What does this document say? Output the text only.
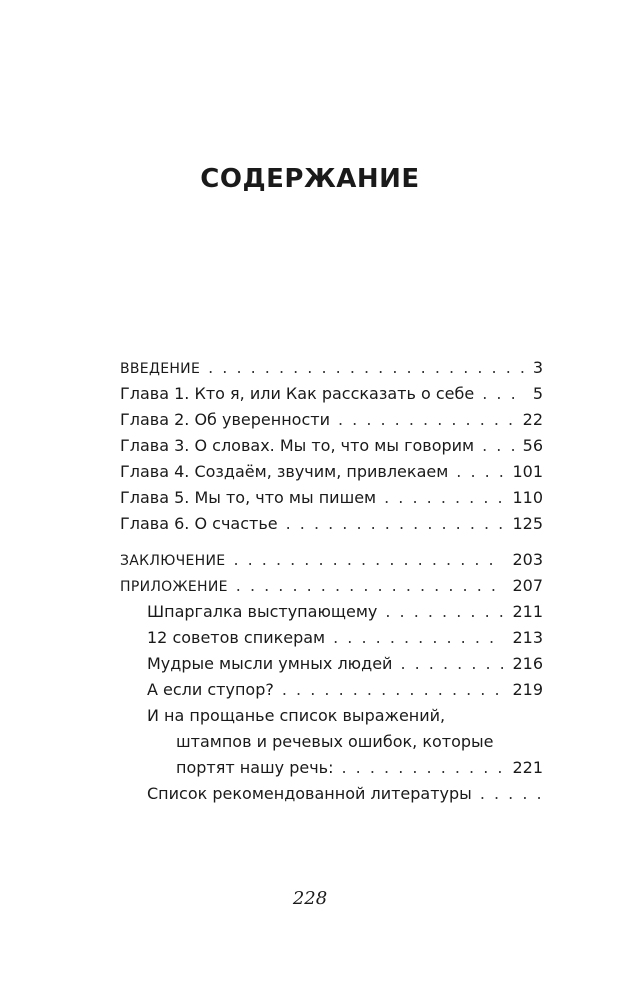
СОДЕРЖАНИЕ
ВВЕДЕНИЕ . . .	3
Глава 1. Кто я, или Как рассказать о себе . . .	5
Глава 2. Об уверенности . . .	22
Глава 3. О словах. Мы то, что мы говорим . . .	56
Глава 4. Создаём, звучим, привлекаем . . .	101
Глава 5. Мы то, что мы пишем . . .	110
Глава 6. О счастье . . .	125
ЗАКЛЮЧЕНИЕ . . .	203
ПРИЛОЖЕНИЕ . . .	207
Шпаргалка выступающему . . .	211
12 советов спикерам . . .	213
Мудрые мысли умных людей . . .	216
А если ступор? . . .	219
И на прощанье список выражений,
штампов и речевых ошибок, которые
портят нашу речь: . . .	221
Список рекомендованной литературы
. . .
228
